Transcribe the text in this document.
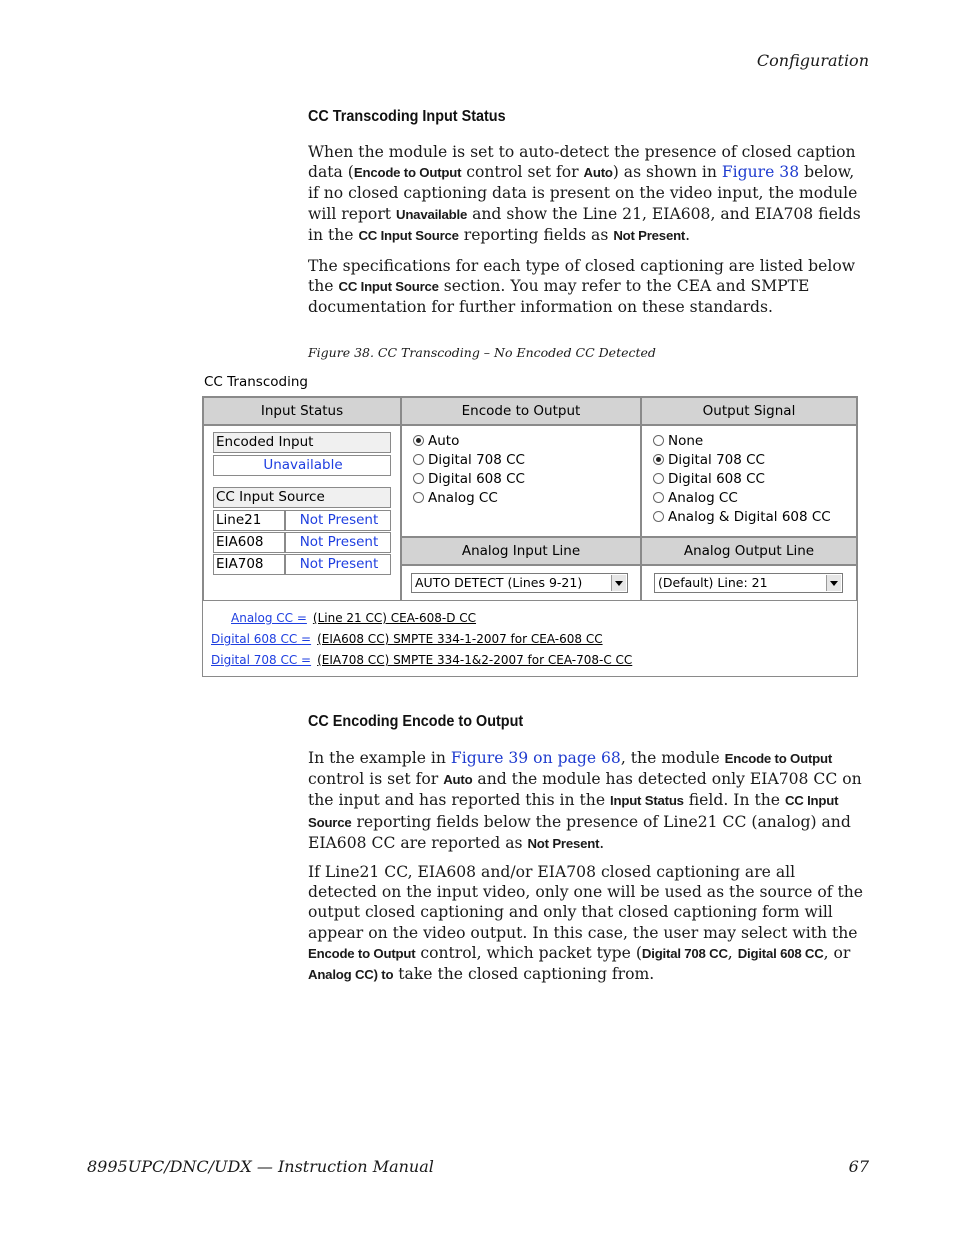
Configuration
CC Transcoding Input Status

When the module is set to auto-detect the presence of closed caption data (Encode to Output control set for Auto) as shown in Figure 38 below, if no closed captioning data is present on the video input, the module will report Unavailable and show the Line 21, EIA608, and EIA708 fields in the CC Input Source reporting fields as Not Present.

The specifications for each type of closed captioning are listed below the CC Input Source section. You may refer to the CEA and SMPTE documentation for further information on these standards.

Figure 38. CC Transcoding – No Encoded CC Detected
CC Transcoding
Input Status	Encode to Output	Output Signal
Encoded Input
Unavailable
CC Input Source
Line21	Not Present
EIA608	Not Present
EIA708	Not Present
Auto
Digital 708 CC
Digital 608 CC
Analog CC
None
Digital 708 CC
Digital 608 CC
Analog CC
Analog & Digital 608 CC
Analog Input Line	Analog Output Line
AUTO DETECT (Lines 9-21)	(Default) Line: 21
Analog CC = (Line 21 CC) CEA-608-D CC
Digital 608 CC = (EIA608 CC) SMPTE 334-1-2007 for CEA-608 CC
Digital 708 CC = (EIA708 CC) SMPTE 334-1&2-2007 for CEA-708-C CC
CC Encoding Encode to Output

In the example in Figure 39 on page 68, the module Encode to Output control is set for Auto and the module has detected only EIA708 CC on the input and has reported this in the Input Status field. In the CC Input Source reporting fields below the presence of Line21 CC (analog) and EIA608 CC are reported as Not Present.

If Line21 CC, EIA608 and/or EIA708 closed captioning are all detected on the input video, only one will be used as the source of the output closed captioning and only that closed captioning form will appear on the video output. In this case, the user may select with the Encode to Output control, which packet type (Digital 708 CC, Digital 608 CC, or Analog CC) to take the closed captioning from.

8995UPC/DNC/UDX — Instruction Manual	67
